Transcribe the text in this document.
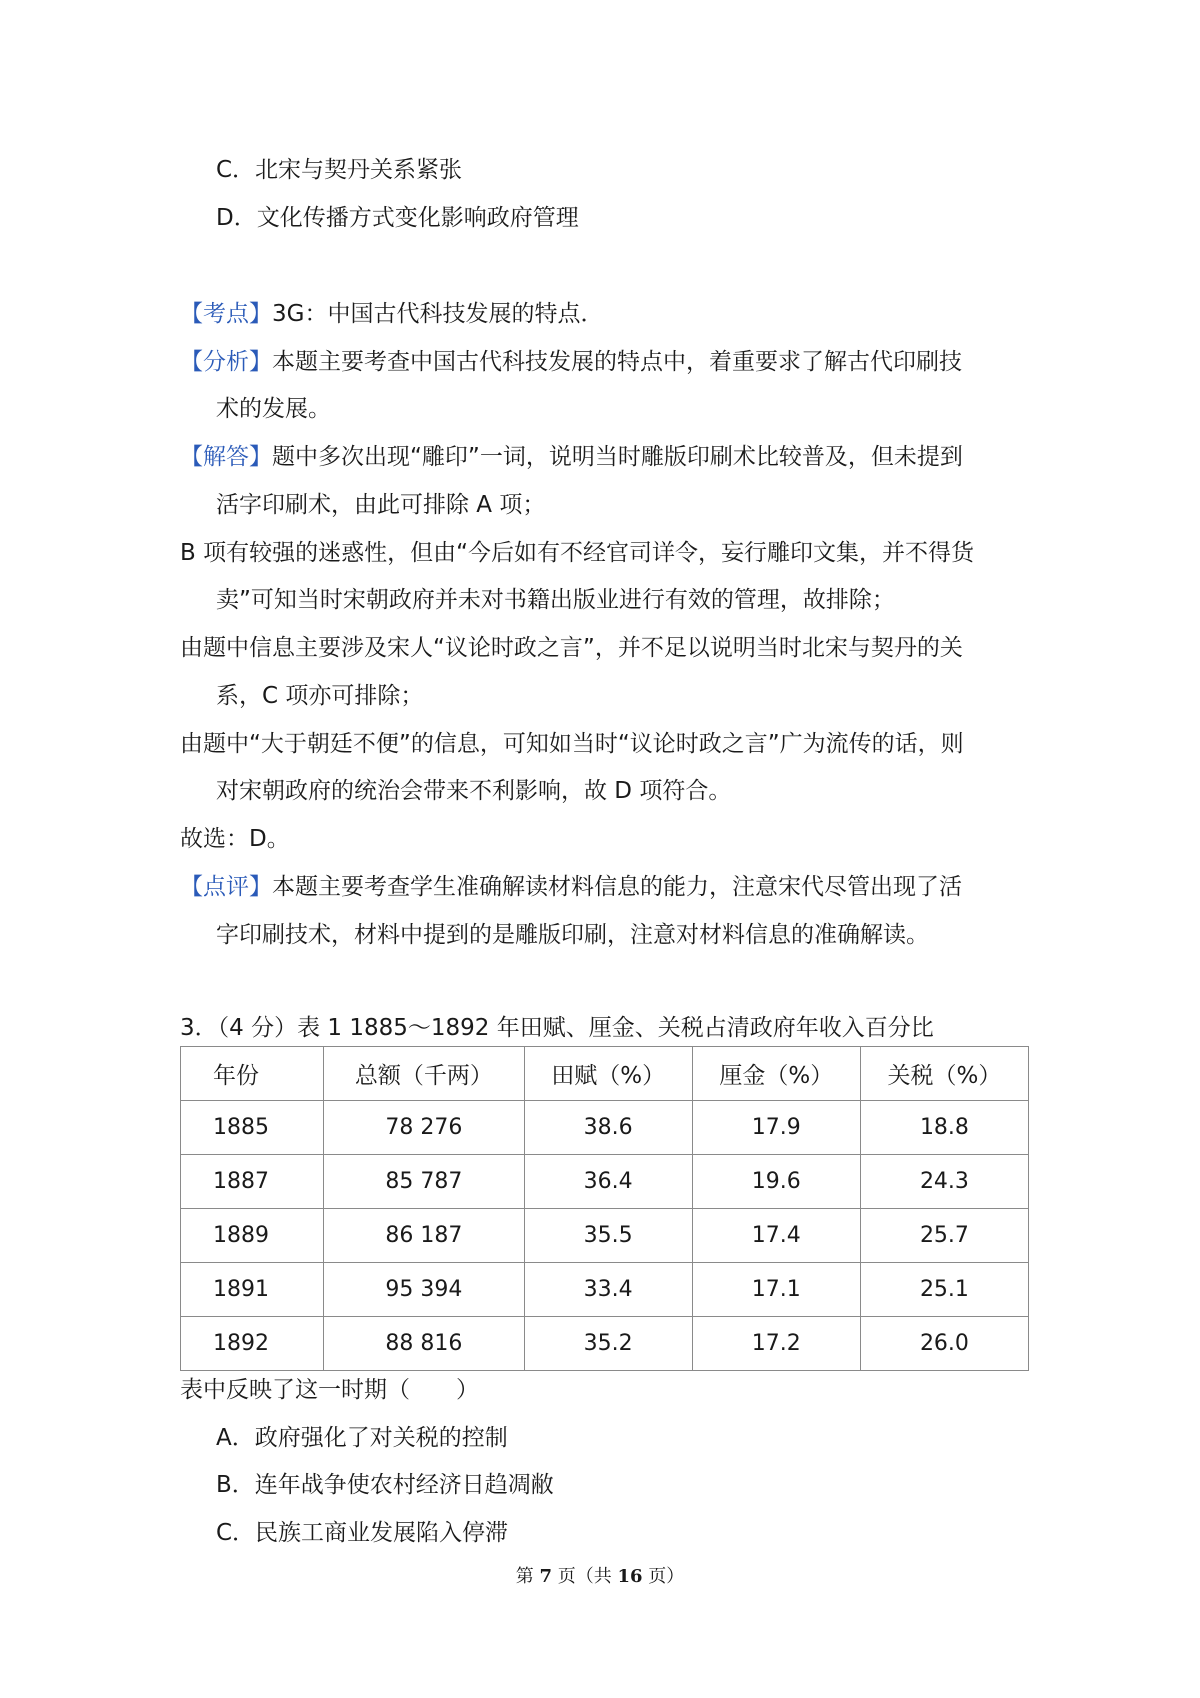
C．北宋与契丹关系紧张
D．文化传播方式变化影响政府管理
【考点】3G：中国古代科技发展的特点．
【分析】本题主要考查中国古代科技发展的特点中，着重要求了解古代印刷技
术的发展。
【解答】题中多次出现“雕印”一词，说明当时雕版印刷术比较普及，但未提到
活字印刷术，由此可排除 A 项；
B 项有较强的迷惑性，但由“今后如有不经官司详令，妄行雕印文集，并不得货
卖”可知当时宋朝政府并未对书籍出版业进行有效的管理，故排除；
由题中信息主要涉及宋人“议论时政之言”，并不足以说明当时北宋与契丹的关
系，C 项亦可排除；
由题中“大于朝廷不便”的信息，可知如当时“议论时政之言”广为流传的话，则
对宋朝政府的统治会带来不利影响，故 D 项符合。
故选：D。
【点评】本题主要考查学生准确解读材料信息的能力，注意宋代尽管出现了活
字印刷技术，材料中提到的是雕版印刷，注意对材料信息的准确解读。
3．（4 分）表 1 1885～1892 年田赋、厘金、关税占清政府年收入百分比
年份	总额（千两）	田赋（%）	厘金（%）	关税（%）
1885	78 276	38.6	17.9	18.8
1887	85 787	36.4	19.6	24.3
1889	86 187	35.5	17.4	25.7
1891	95 394	33.4	17.1	25.1
1892	88 816	35.2	17.2	26.0
表中反映了这一时期（　　）
A．政府强化了对关税的控制
B．连年战争使农村经济日趋凋敝
C．民族工商业发展陷入停滞
第 7 页（共 16 页）
